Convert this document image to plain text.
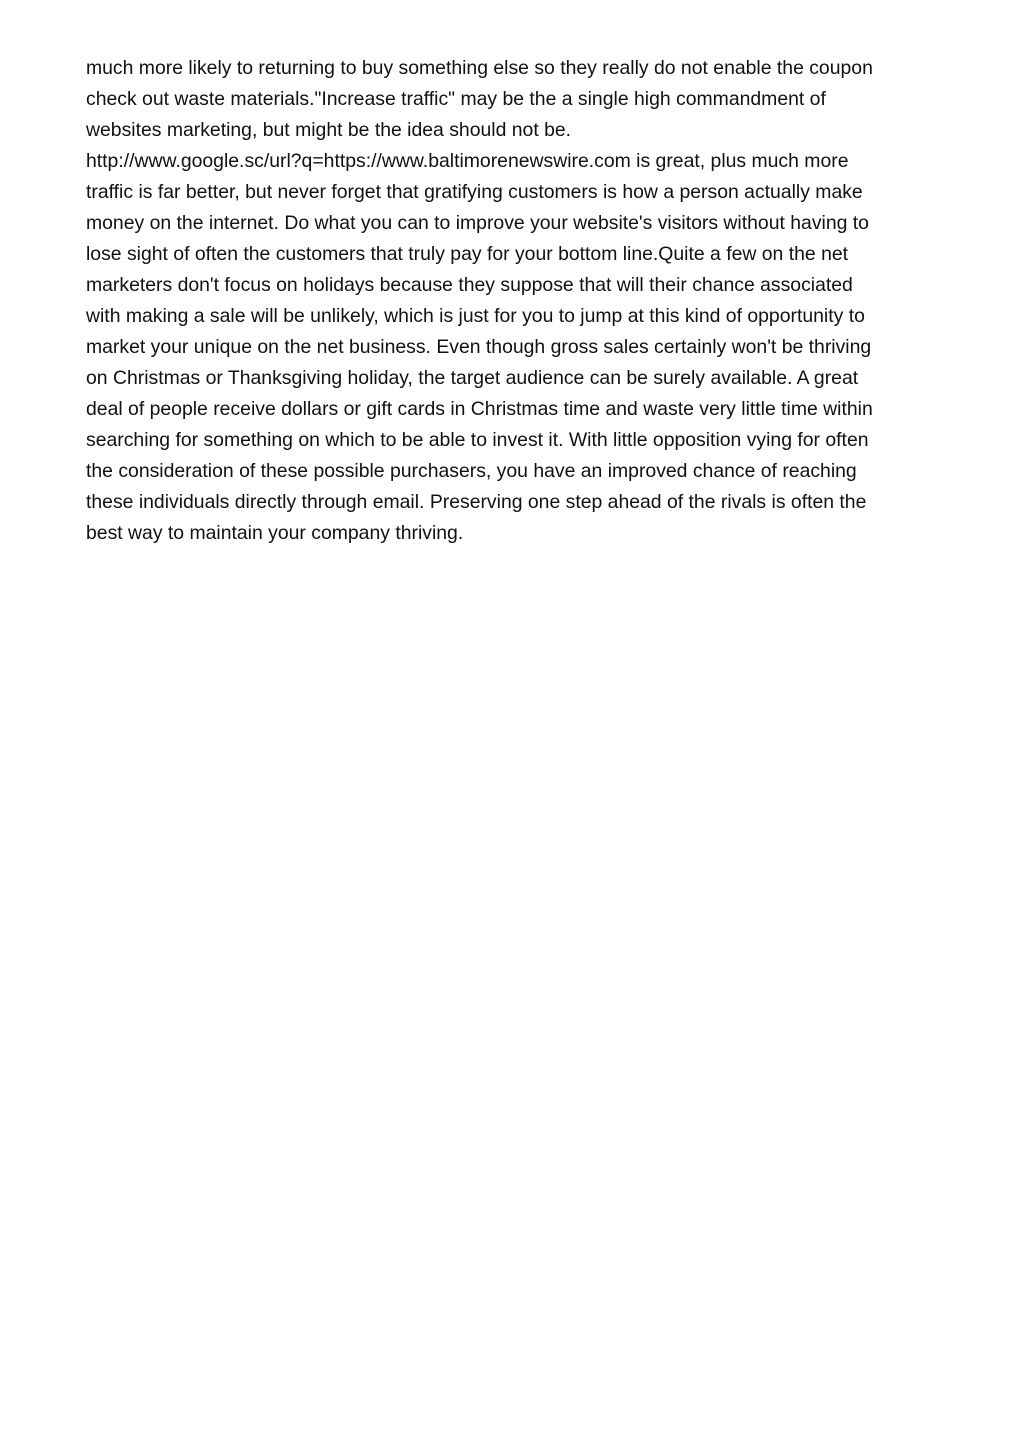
much more likely to returning to buy something else so they really do not enable the coupon
check out waste materials."Increase traffic" may be the a single high commandment of
websites marketing, but might be the idea should not be.
http://www.google.sc/url?q=https://www.baltimorenewswire.com is great, plus much more
traffic is far better, but never forget that gratifying customers is how a person actually make
money on the internet. Do what you can to improve your website's visitors without having to
lose sight of often the customers that truly pay for your bottom line.Quite a few on the net
marketers don't focus on holidays because they suppose that will their chance associated
with making a sale will be unlikely, which is just for you to jump at this kind of opportunity to
market your unique on the net business. Even though gross sales certainly won't be thriving
on Christmas or Thanksgiving holiday, the target audience can be surely available. A great
deal of people receive dollars or gift cards in Christmas time and waste very little time within
searching for something on which to be able to invest it. With little opposition vying for often
the consideration of these possible purchasers, you have an improved chance of reaching
these individuals directly through email. Preserving one step ahead of the rivals is often the
best way to maintain your company thriving.
